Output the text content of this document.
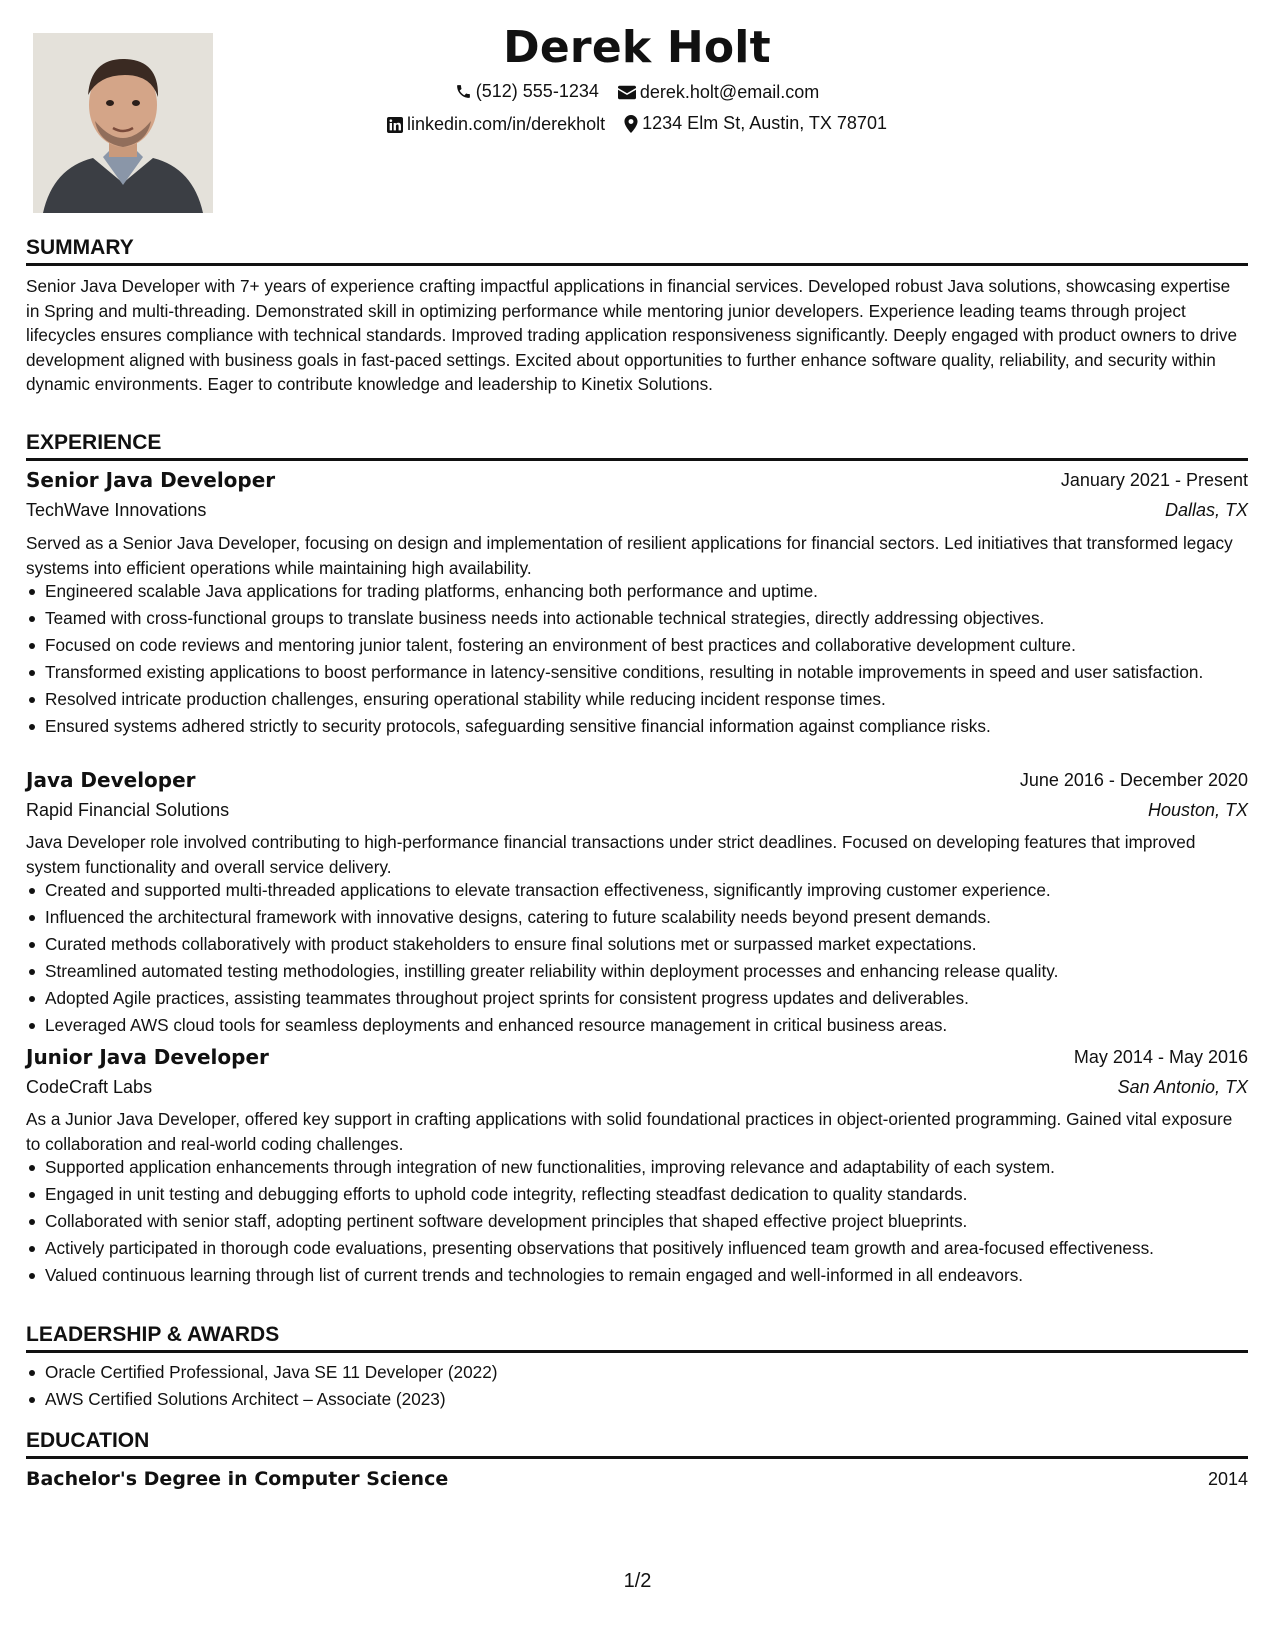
Derek Holt
(512) 555-1234
derek.holt@email.com
linkedin.com/in/derekholt
1234 Elm St, Austin, TX 78701
SUMMARY

Senior Java Developer with 7+ years of experience crafting impactful applications in financial services. Developed robust Java solutions, showcasing expertise in Spring and multi-threading. Demonstrated skill in optimizing performance while mentoring junior developers. Experience leading teams through project lifecycles ensures compliance with technical standards. Improved trading application responsiveness significantly. Deeply engaged with product owners to drive development aligned with business goals in fast-paced settings. Excited about opportunities to further enhance software quality, reliability, and security within dynamic environments. Eager to contribute knowledge and leadership to Kinetix Solutions.

EXPERIENCE
Senior Java Developer	January 2021 - Present
TechWave Innovations	Dallas, TX

Served as a Senior Java Developer, focusing on design and implementation of resilient applications for financial sectors. Led initiatives that transformed legacy systems into efficient operations while maintaining high availability.

Engineered scalable Java applications for trading platforms, enhancing both performance and uptime.
Teamed with cross-functional groups to translate business needs into actionable technical strategies, directly addressing objectives.
Focused on code reviews and mentoring junior talent, fostering an environment of best practices and collaborative development culture.
Transformed existing applications to boost performance in latency-sensitive conditions, resulting in notable improvements in speed and user satisfaction.
Resolved intricate production challenges, ensuring operational stability while reducing incident response times.
Ensured systems adhered strictly to security protocols, safeguarding sensitive financial information against compliance risks.
Java Developer	June 2016 - December 2020
Rapid Financial Solutions	Houston, TX

Java Developer role involved contributing to high-performance financial transactions under strict deadlines. Focused on developing features that improved system functionality and overall service delivery.

Created and supported multi-threaded applications to elevate transaction effectiveness, significantly improving customer experience.
Influenced the architectural framework with innovative designs, catering to future scalability needs beyond present demands.
Curated methods collaboratively with product stakeholders to ensure final solutions met or surpassed market expectations.
Streamlined automated testing methodologies, instilling greater reliability within deployment processes and enhancing release quality.
Adopted Agile practices, assisting teammates throughout project sprints for consistent progress updates and deliverables.
Leveraged AWS cloud tools for seamless deployments and enhanced resource management in critical business areas.
Junior Java Developer	May 2014 - May 2016
CodeCraft Labs	San Antonio, TX

As a Junior Java Developer, offered key support in crafting applications with solid foundational practices in object-oriented programming. Gained vital exposure to collaboration and real-world coding challenges.

Supported application enhancements through integration of new functionalities, improving relevance and adaptability of each system.
Engaged in unit testing and debugging efforts to uphold code integrity, reflecting steadfast dedication to quality standards.
Collaborated with senior staff, adopting pertinent software development principles that shaped effective project blueprints.
Actively participated in thorough code evaluations, presenting observations that positively influenced team growth and area-focused effectiveness.
Valued continuous learning through list of current trends and technologies to remain engaged and well-informed in all endeavors.
LEADERSHIP & AWARDS
Oracle Certified Professional, Java SE 11 Developer (2022)
AWS Certified Solutions Architect – Associate (2023)
EDUCATION
Bachelor's Degree in Computer Science	2014
1/2
